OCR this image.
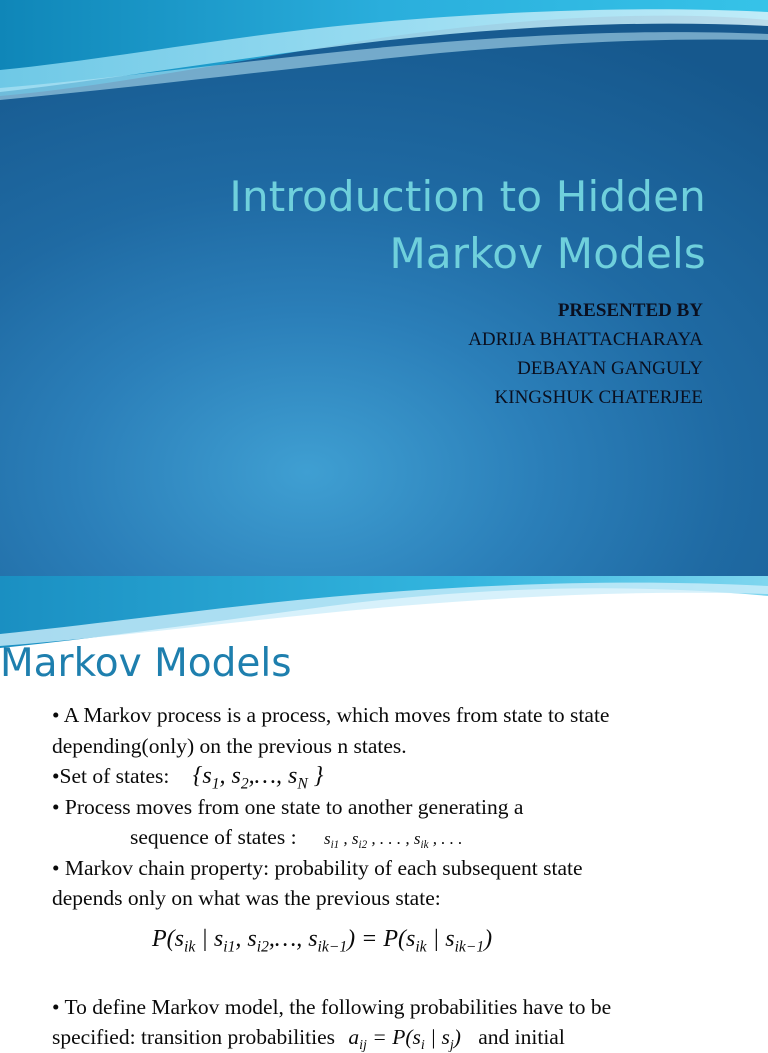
Introduction to Hidden
Markov Models
PRESENTED BY
ADRIJA BHATTACHARAYA
DEBAYAN GANGULY
KINGSHUK CHATERJEE
Markov Models
• A Markov process is a process, which moves from state to state
depending(only) on the previous n states.
•Set of states: {$s_1$, $s_2,\dots$, $s_N$ }
• Process moves from one state to another generating a
sequence of states : $s_{i1}$ , $s_{i2}$ , . . . , $s_{ik}$ , . . .
• Markov chain property: probability of each subsequent state
depends only on what was the previous state:
$P(s_{ik}$ | $s_{i1}$, $s_{i2},\dots$, $s_{ik-1}) = P(s_{ik}$ | $s_{ik-1}$)
• To define Markov model, the following probabilities have to be
specified: transition probabilities $a_{ij} = P(s_i$ | $s_j$) and initial
